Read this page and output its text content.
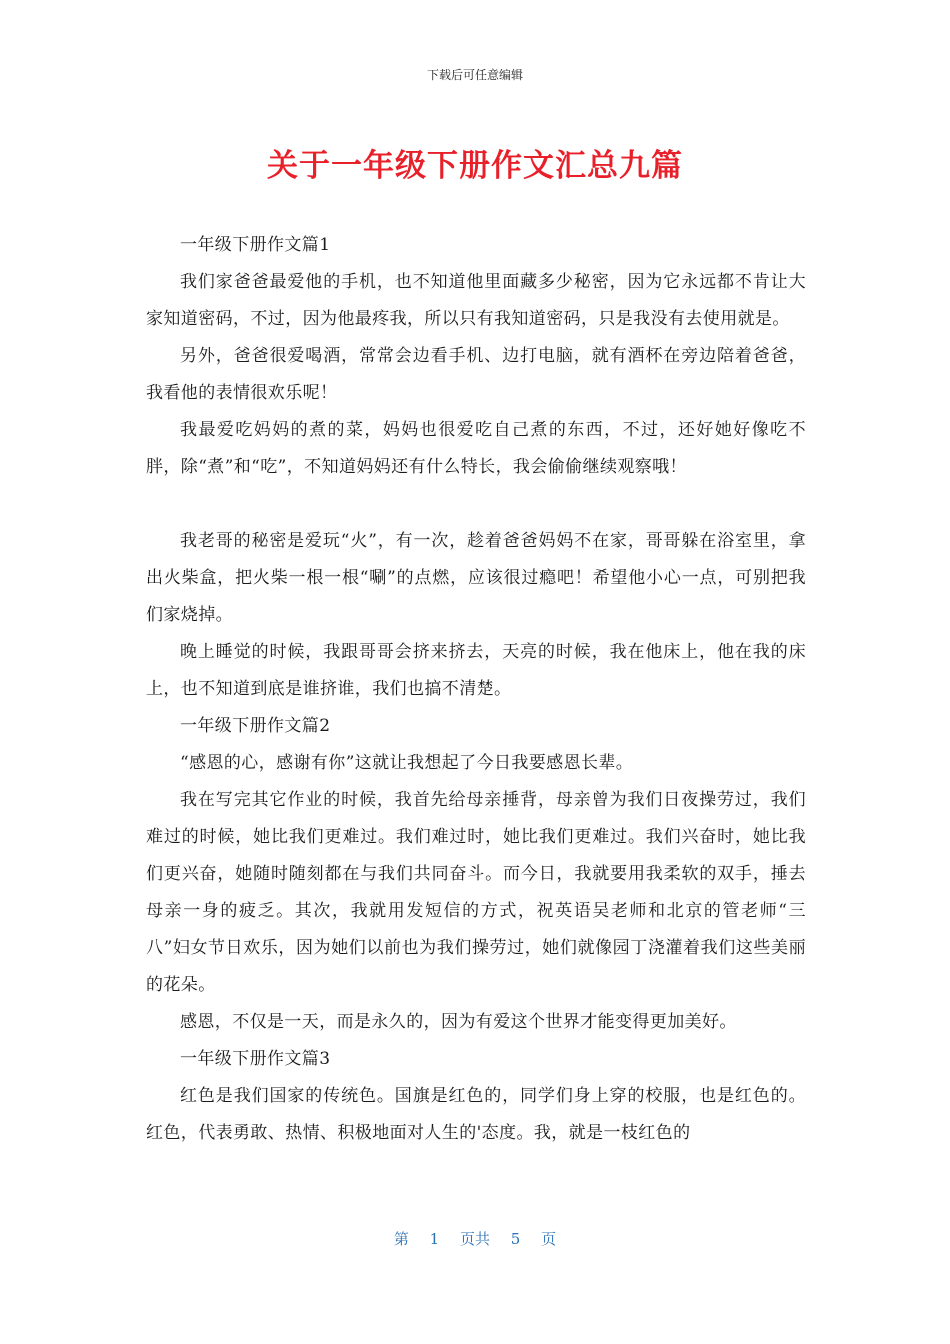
下载后可任意编辑
关于一年级下册作文汇总九篇

一年级下册作文篇1

我们家爸爸最爱他的手机，也不知道他里面藏多少秘密，因为它永远都不肯让大家知道密码，不过，因为他最疼我，所以只有我知道密码，只是我没有去使用就是。

另外，爸爸很爱喝酒，常常会边看手机、边打电脑，就有酒杯在旁边陪着爸爸，我看他的表情很欢乐呢！

我最爱吃妈妈的煮的菜，妈妈也很爱吃自己煮的东西，不过，还好她好像吃不胖，除“煮”和“吃”，不知道妈妈还有什么特长，我会偷偷继续观察哦！

我老哥的秘密是爱玩“火”，有一次，趁着爸爸妈妈不在家，哥哥躲在浴室里，拿出火柴盒，把火柴一根一根“唰”的点燃，应该很过瘾吧！希望他小心一点，可别把我们家烧掉。

晚上睡觉的时候，我跟哥哥会挤来挤去，天亮的时候，我在他床上，他在我的床上，也不知道到底是谁挤谁，我们也搞不清楚。

一年级下册作文篇2

“感恩的心，感谢有你”这就让我想起了今日我要感恩长辈。

我在写完其它作业的时候，我首先给母亲捶背，母亲曾为我们日夜操劳过，我们难过的时候，她比我们更难过。我们难过时，她比我们更难过。我们兴奋时，她比我们更兴奋，她随时随刻都在与我们共同奋斗。而今日，我就要用我柔软的双手，捶去母亲一身的疲乏。其次，我就用发短信的方式，祝英语吴老师和北京的管老师“三八”妇女节日欢乐，因为她们以前也为我们操劳过，她们就像园丁浇灌着我们这些美丽的花朵。

感恩，不仅是一天，而是永久的，因为有爱这个世界才能变得更加美好。

一年级下册作文篇3

红色是我们国家的传统色。国旗是红色的，同学们身上穿的校服，也是红色的。红色，代表勇敢、热情、积极地面对人生的'态度。我，就是一枝红色的

第 1 页共 5 页
